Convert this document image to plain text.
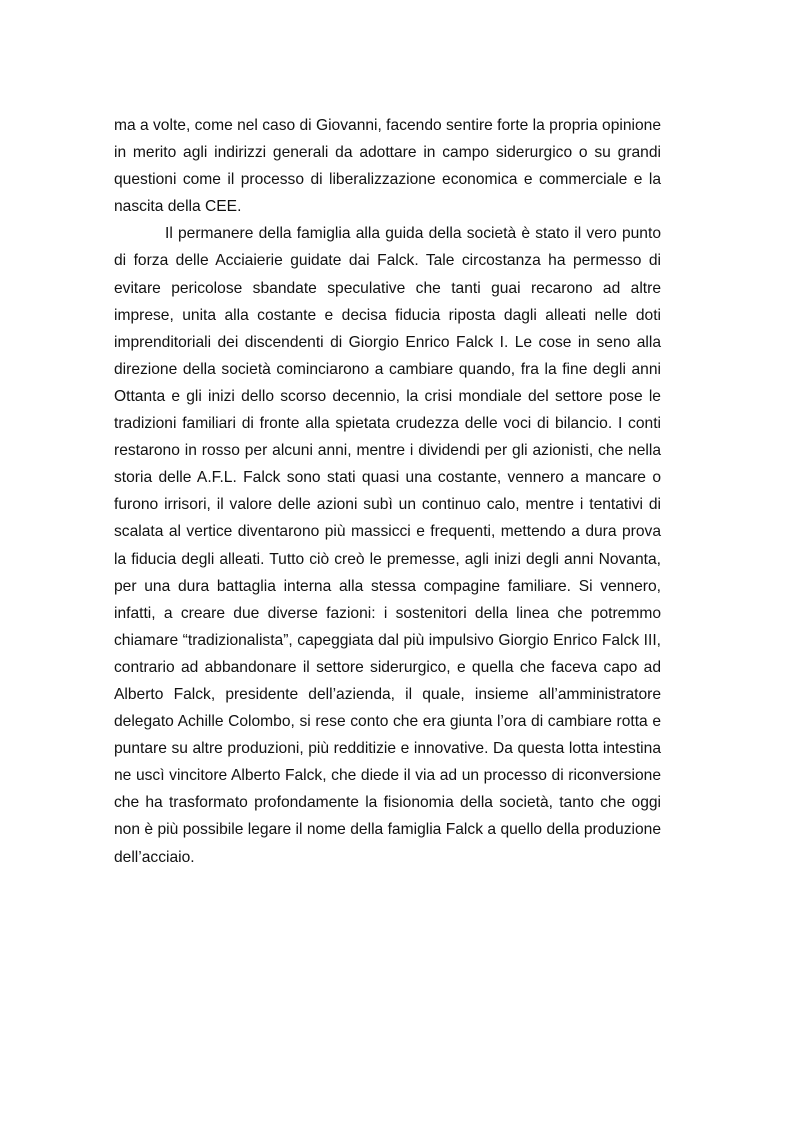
ma a volte, come nel caso di Giovanni, facendo sentire forte la propria opinione in merito agli indirizzi generali da adottare in campo siderurgico o su grandi questioni come il processo di liberalizzazione economica e commerciale e la nascita della CEE.

Il permanere della famiglia alla guida della società è stato il vero punto di forza delle Acciaierie guidate dai Falck. Tale circostanza ha permesso di evitare pericolose sbandate speculative che tanti guai recarono ad altre imprese, unita alla costante e decisa fiducia riposta dagli alleati nelle doti imprenditoriali dei discendenti di Giorgio Enrico Falck I. Le cose in seno alla direzione della società cominciarono a cambiare quando, fra la fine degli anni Ottanta e gli inizi dello scorso decennio, la crisi mondiale del settore pose le tradizioni familiari di fronte alla spietata crudezza delle voci di bilancio. I conti restarono in rosso per alcuni anni, mentre i dividendi per gli azionisti, che nella storia delle A.F.L. Falck sono stati quasi una costante, vennero a mancare o furono irrisori, il valore delle azioni subì un continuo calo, mentre i tentativi di scalata al vertice diventarono più massicci e frequenti, mettendo a dura prova la fiducia degli alleati. Tutto ciò creò le premesse, agli inizi degli anni Novanta, per una dura battaglia interna alla stessa compagine familiare. Si vennero, infatti, a creare due diverse fazioni: i sostenitori della linea che potremmo chiamare “tradizionalista”, capeggiata dal più impulsivo Giorgio Enrico Falck III, contrario ad abbandonare il settore siderurgico, e quella che faceva capo ad Alberto Falck, presidente dell’azienda, il quale, insieme all’amministratore delegato Achille Colombo, si rese conto che era giunta l’ora di cambiare rotta e puntare su altre produzioni, più redditizie e innovative. Da questa lotta intestina ne uscì vincitore Alberto Falck, che diede il via ad un processo di riconversione che ha trasformato profondamente la fisionomia della società, tanto che oggi non è più possibile legare il nome della famiglia Falck a quello della produzione dell’acciaio.
